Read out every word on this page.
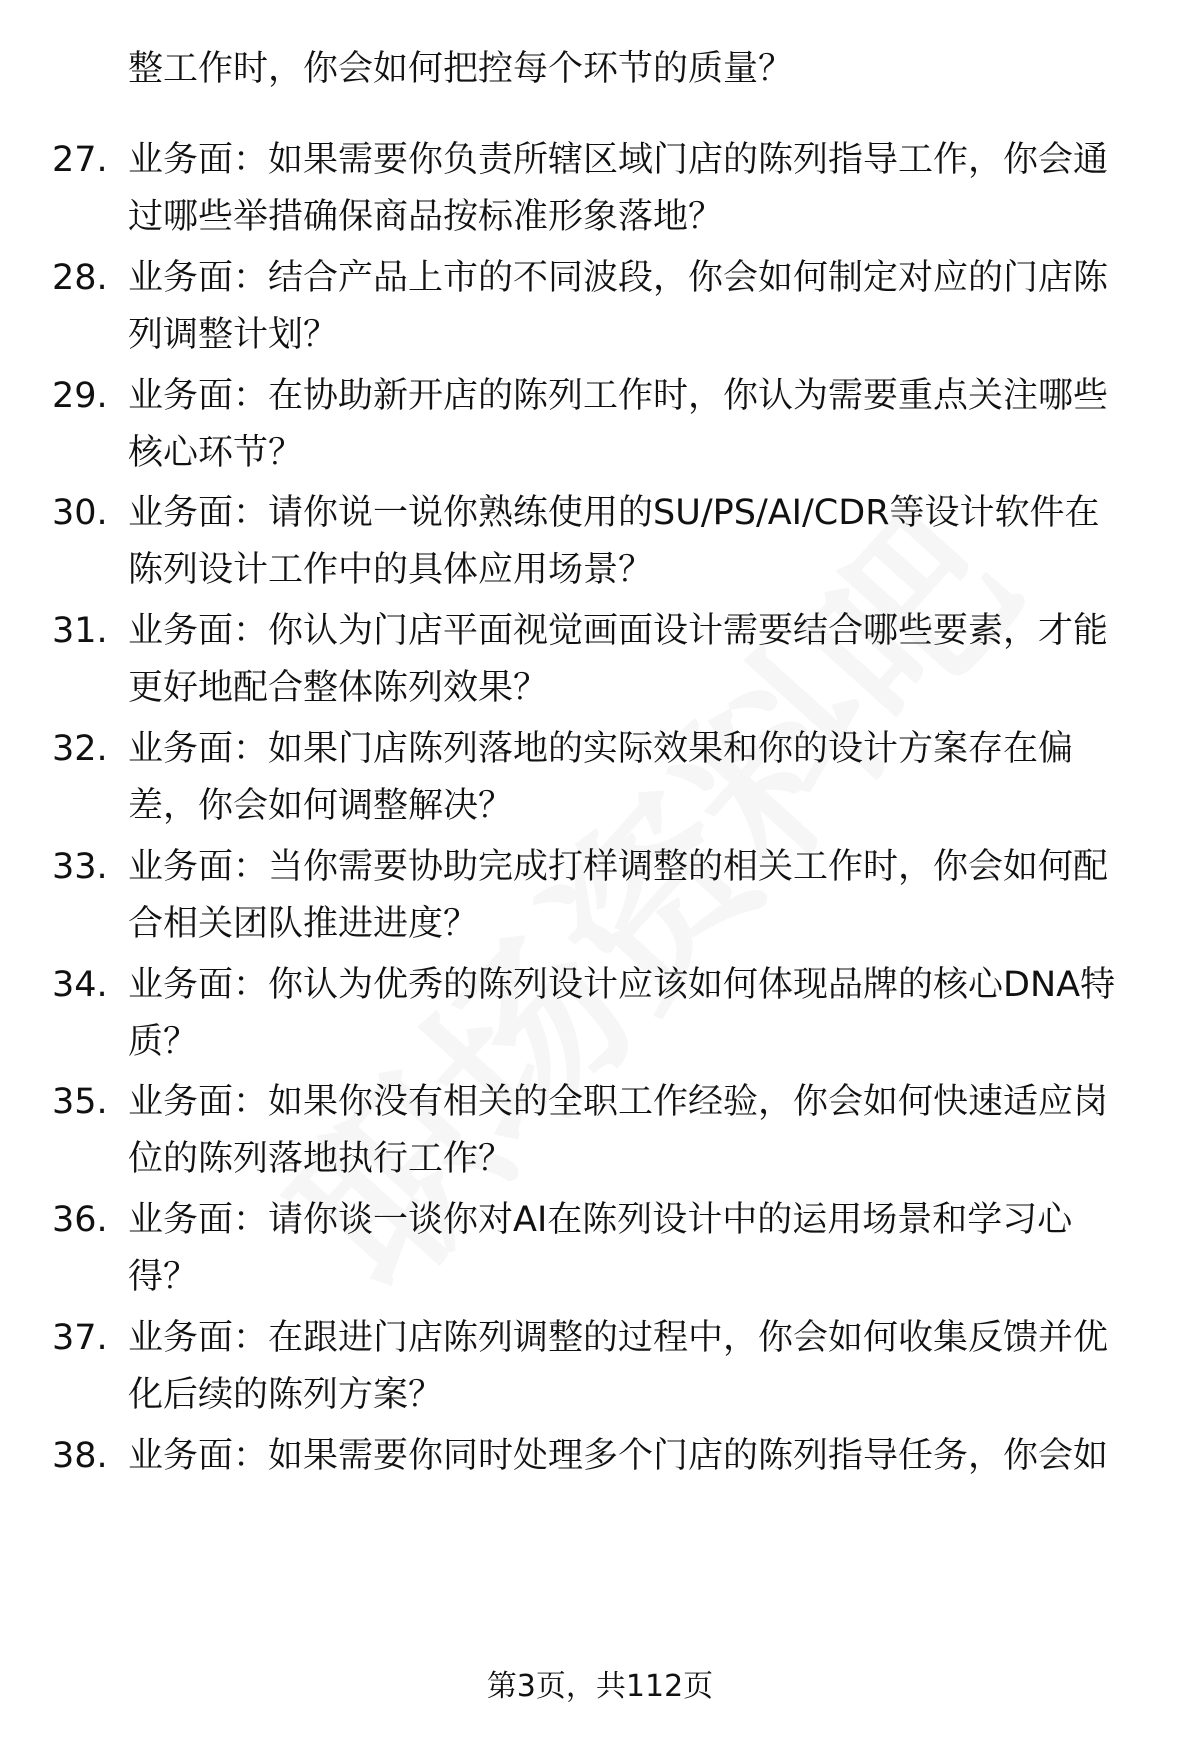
整工作时，你会如何把控每个环节的质量？
27. 业务面：如果需要你负责所辖区域门店的陈列指导工作，你会通
过哪些举措确保商品按标准形象落地？
28. 业务面：结合产品上市的不同波段，你会如何制定对应的门店陈
列调整计划？
29. 业务面：在协助新开店的陈列工作时，你认为需要重点关注哪些
核心环节？
30. 业务面：请你说一说你熟练使用的SU/PS/AI/CDR等设计软件在
陈列设计工作中的具体应用场景？
31. 业务面：你认为门店平面视觉画面设计需要结合哪些要素，才能
更好地配合整体陈列效果？
32. 业务面：如果门店陈列落地的实际效果和你的设计方案存在偏
差，你会如何调整解决？
33. 业务面：当你需要协助完成打样调整的相关工作时，你会如何配
合相关团队推进进度？
34. 业务面：你认为优秀的陈列设计应该如何体现品牌的核心DNA特
质？
35. 业务面：如果你没有相关的全职工作经验，你会如何快速适应岗
位的陈列落地执行工作？
36. 业务面：请你谈一谈你对AI在陈列设计中的运用场景和学习心
得？
37. 业务面：在跟进门店陈列调整的过程中，你会如何收集反馈并优
化后续的陈列方案？
38. 业务面：如果需要你同时处理多个门店的陈列指导任务，你会如
第3页，共112页
